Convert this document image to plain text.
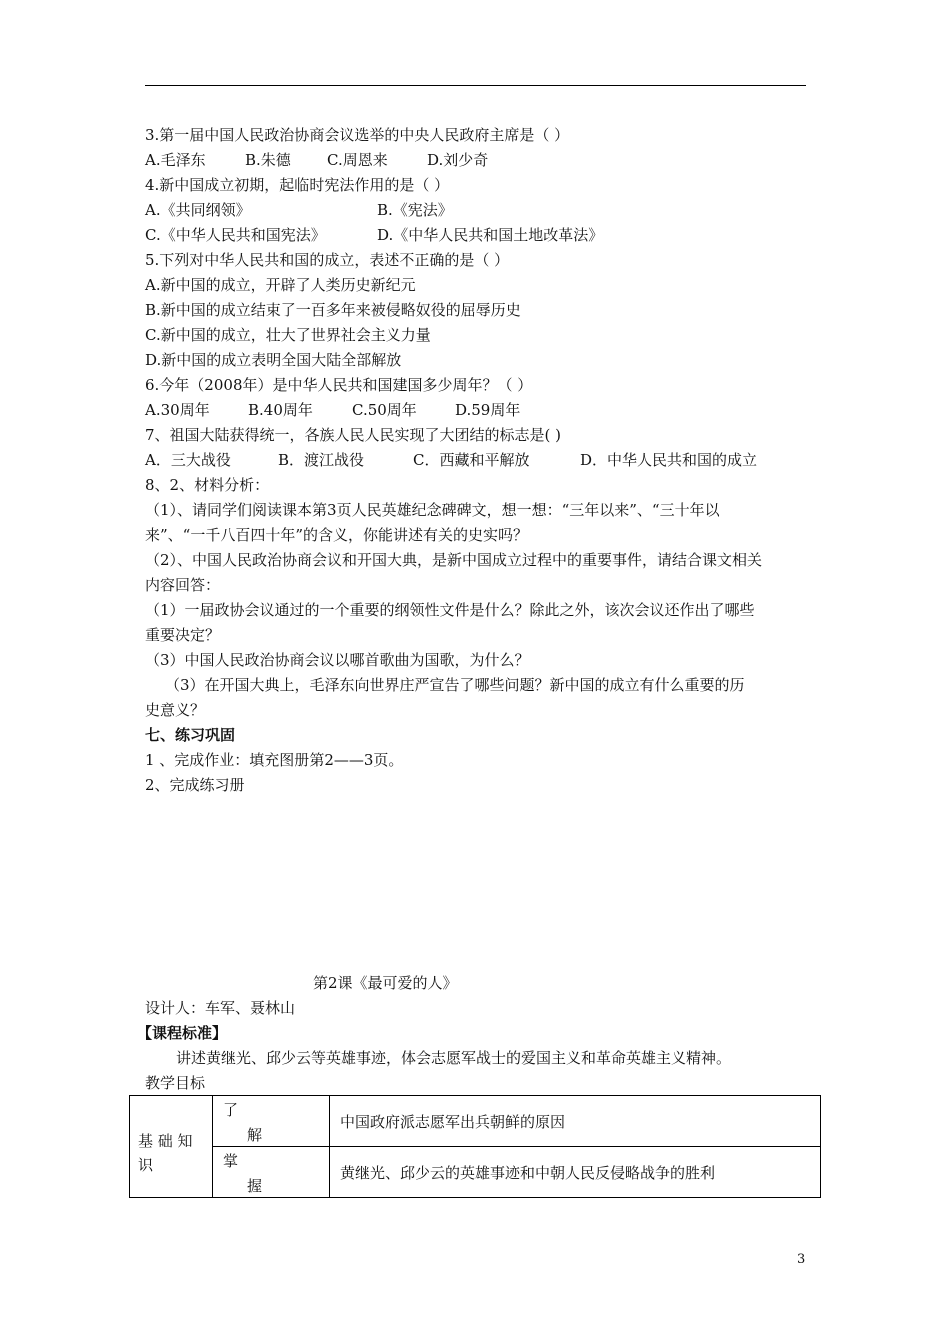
3.第一届中国人民政治协商会议选举的中央人民政府主席是（ ）
A.毛泽东	B.朱德 C.周恩来	D.刘少奇
4.新中国成立初期，起临时宪法作用的是（ ）
A.《共同纲领》	B.《宪法》
C.《中华人民共和国宪法》	D.《中华人民共和国土地改革法》
5.下列对中华人民共和国的成立，表述不正确的是（ ）
A.新中国的成立，开辟了人类历史新纪元
B.新中国的成立结束了一百多年来被侵略奴役的屈辱历史
C.新中国的成立，壮大了世界社会主义力量
D.新中国的成立表明全国大陆全部解放
6.今年（2008年）是中华人民共和国建国多少周年？（ ）
A.30周年	B.40周年	C.50周年	D.59周年
7、祖国大陆获得统一，各族人民人民实现了大团结的标志是( )
A．三大战役	B．渡江战役	C．西藏和平解放	D．中华人民共和国的成立
8、2、材料分析：
（1）、请同学们阅读课本第3页人民英雄纪念碑碑文，想一想：“三年以来”、“三十年以
来”、“一千八百四十年”的含义，你能讲述有关的史实吗？
（2）、中国人民政治协商会议和开国大典，是新中国成立过程中的重要事件，请结合课文相关
内容回答：
（1）一届政协会议通过的一个重要的纲领性文件是什么？除此之外，该次会议还作出了哪些
重要决定？
（3）中国人民政治协商会议以哪首歌曲为国歌，为什么？
（3）在开国大典上，毛泽东向世界庄严宣告了哪些问题？新中国的成立有什么重要的历
史意义？
七、练习巩固
1 、完成作业：填充图册第2——3页。
2、完成练习册
第2课《最可爱的人》
设计人：车军、聂林山
【课程标准】
讲述黄继光、邱少云等英雄事迹，体会志愿军战士的爱国主义和革命英雄主义精神。
教学目标
基 础 知
识	了
解	中国政府派志愿军出兵朝鲜的原因

	掌
握	黄继光、邱少云的英雄事迹和中朝人民反侵略战争的胜利
3
